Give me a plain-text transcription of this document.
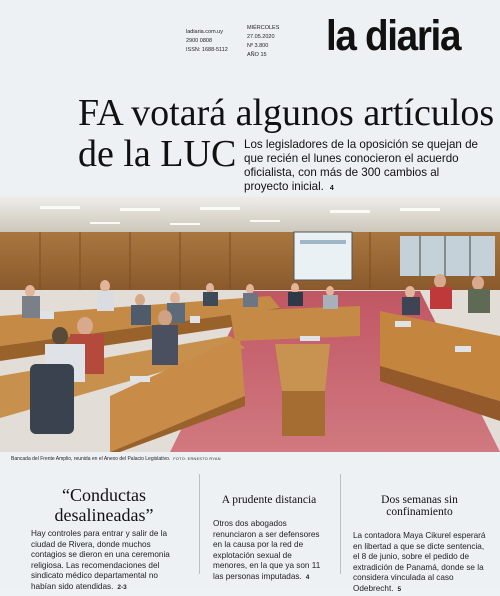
ladiaria.com.uy
2900 0808
ISSN: 1688-5112
MIÉRCOLES
27.05.2020
Nº 3.800
AÑO 15 la diaria
FA votará algunos artículos
de la LUC Los legisladores de la oposición se quejan de que recién el lunes conocieron el acuerdo oficialista, con más de 300 cambios al proyecto inicial. 4
Bancada del Frente Amplio, reunida en el Anexo del Palacio Legislativo. FOTO: ERNESTO RYAN
“Conductas desalineadas”

Hay controles para entrar y salir de la ciudad de Rivera, donde muchos contagios se dieron en una ceremonia religiosa. Las recomendaciones del sindicato médico departamental no habían sido atendidas. 2-3

A prudente distancia

Otros dos abogados renunciaron a ser defensores en la causa por la red de explotación sexual de menores, en la que ya son 11 las personas imputadas. 4

Dos semanas sin confinamiento

La contadora Maya Cikurel esperará en libertad a que se dicte sentencia, el 8 de junio, sobre el pedido de extradición de Panamá, donde se la considera vinculada al caso Odebrecht. 5
